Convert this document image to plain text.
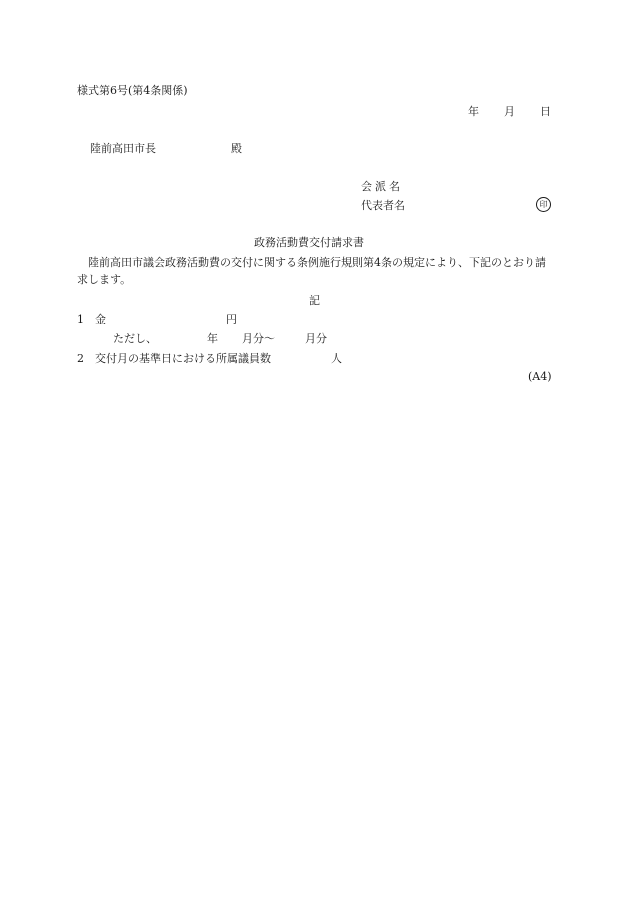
様式第6号(第4条関係)
年 月 日
陸前高田市長	殿
会派名
代表者名	印
政務活動費交付請求書
陸前高田市議会政務活動費の交付に関する条例施行規則第4条の規定により、下記のとおり請求します。
記
1 金	円
ただし、	年 月分〜	月分
2 交付月の基準日における所属議員数	人
(A4)
